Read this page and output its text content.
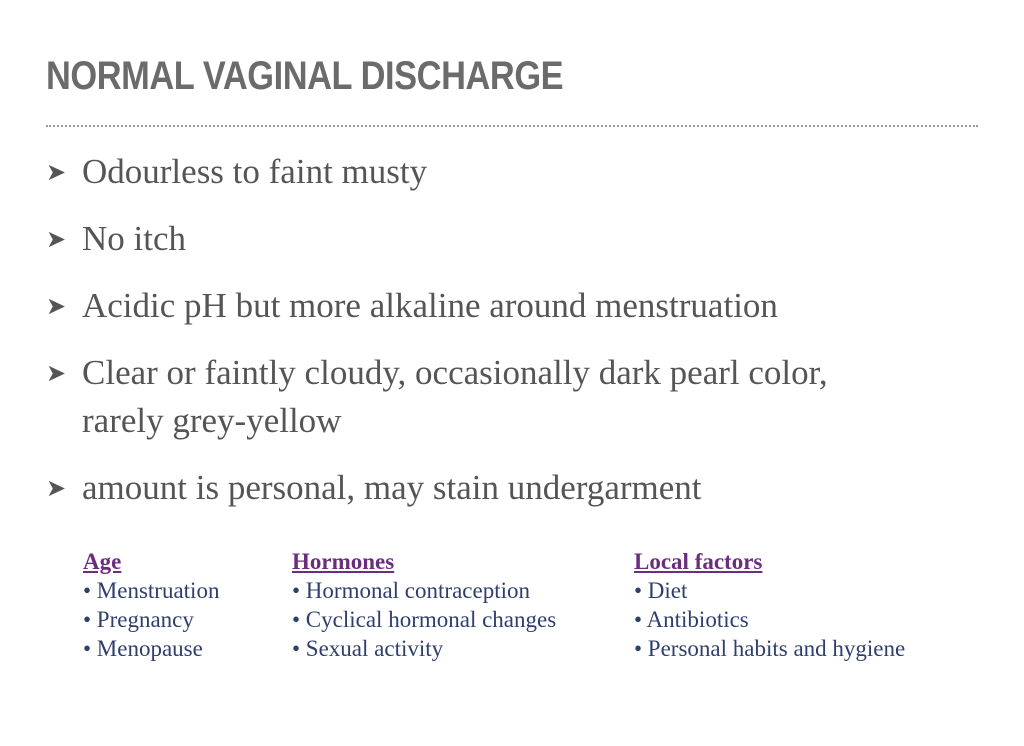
NORMAL VAGINAL DISCHARGE
➤ Odourless to faint musty
➤ No itch
➤ Acidic pH but more alkaline around menstruation
➤ Clear or faintly cloudy, occasionally dark pearl color, rarely grey-yellow
➤ amount is personal, may stain undergarment
Age
• Menstruation
• Pregnancy
• Menopause
Hormones
• Hormonal contraception
• Cyclical hormonal changes
• Sexual activity
Local factors
• Diet
• Antibiotics
• Personal habits and hygiene
